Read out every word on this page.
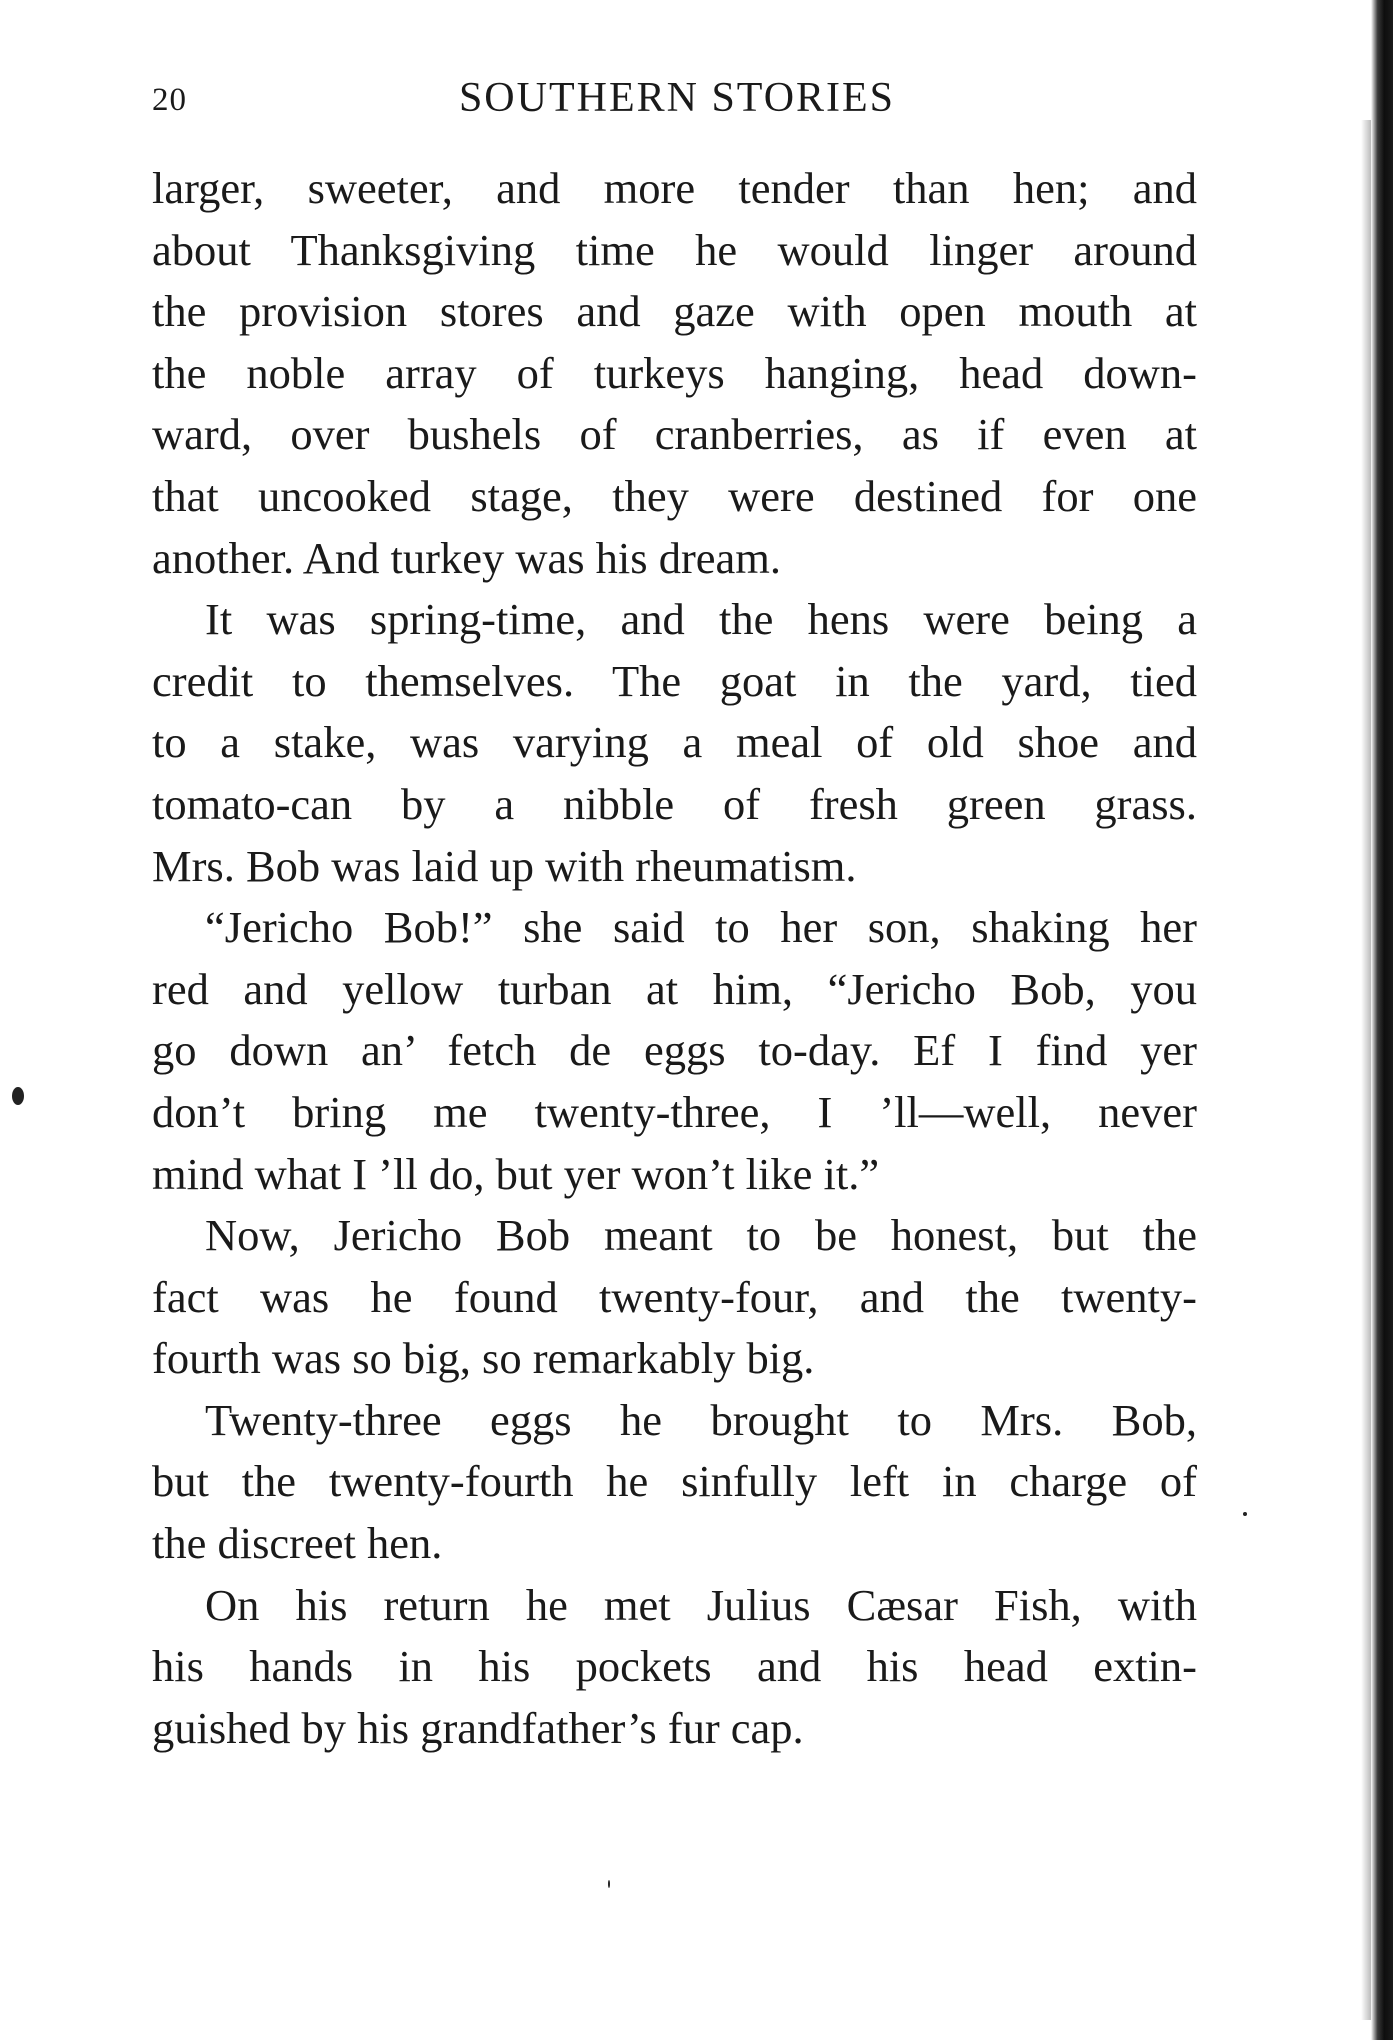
20	SOUTHERN STORIES

larger, sweeter, and more tender than hen; and
about Thanksgiving time he would linger around
the provision stores and gaze with open mouth at
the noble array of turkeys hanging, head down-
ward, over bushels of cranberries, as if even at
that uncooked stage, they were destined for one
another. And turkey was his dream.

It was spring-time, and the hens were being a
credit to themselves. The goat in the yard, tied
to a stake, was varying a meal of old shoe and
tomato-can by a nibble of fresh green grass.
Mrs. Bob was laid up with rheumatism.

“Jericho Bob!” she said to her son, shaking her
red and yellow turban at him, “Jericho Bob, you
go down an’ fetch de eggs to-day. Ef I find yer
don’t bring me twenty-three, I ’ll—well, never
mind what I ’ll do, but yer won’t like it.”

Now, Jericho Bob meant to be honest, but the
fact was he found twenty-four, and the twenty-
fourth was so big, so remarkably big.

Twenty-three eggs he brought to Mrs. Bob,
but the twenty-fourth he sinfully left in charge of
the discreet hen.

On his return he met Julius Cæsar Fish, with
his hands in his pockets and his head extin-
guished by his grandfather’s fur cap.
